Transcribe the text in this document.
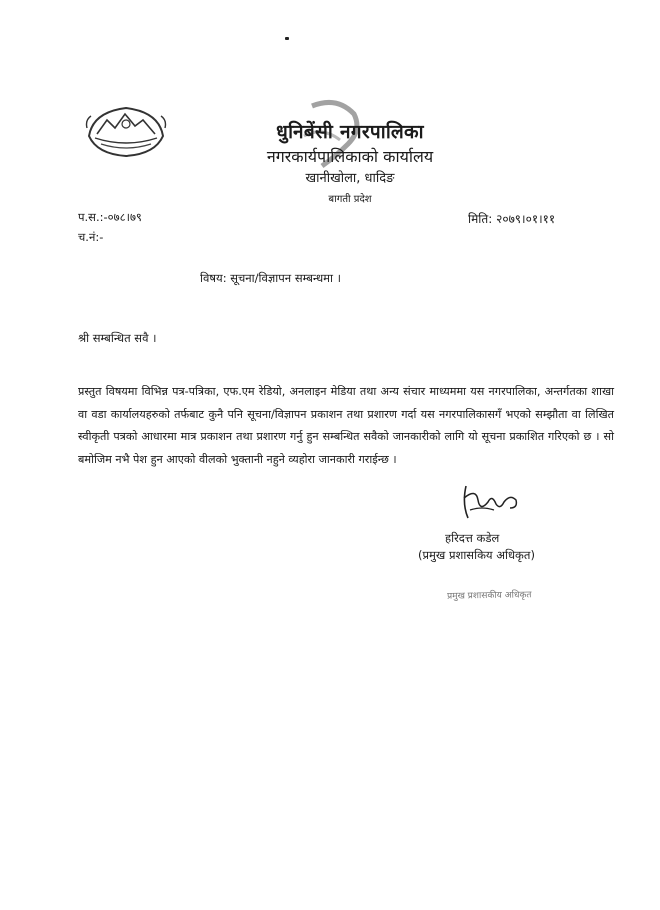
धुनिबेंसी नगरपालिका
नगरकार्यपालिकाको कार्यालय
खानीखोला, धादिङ
बागती प्रदेश
प.स.:-०७८।७९
च.नं:-
मिति: २०७९।०१।११
विषय: सूचना/विज्ञापन सम्बन्धमा ।
श्री सम्बन्धित सवै ।
प्रस्तुत विषयमा विभिन्न पत्र-पत्रिका, एफ.एम रेडियो, अनलाइन मेडिया तथा अन्य संचार माध्यममा यस नगरपालिका, अन्तर्गतका शाखा वा वडा कार्यालयहरुको तर्फबाट कुनै पनि सूचना/विज्ञापन प्रकाशन तथा प्रशारण गर्दा यस नगरपालिकासगँ भएको सम्झौता वा लिखित स्वीकृती पत्रको आधारमा मात्र प्रकाशन तथा प्रशारण गर्नु हुन सम्बन्धित सवैको जानकारीको लागि यो सूचना प्रकाशित गरिएको छ । सो बमोजिम नभै पेश हुन आएको वीलको भुक्तानी नहुने व्यहोरा जानकारी गराईन्छ ।
हरिदत्त कडेल
(प्रमुख प्रशासकिय अधिकृत)
प्रमुख प्रशासकीय अधिकृत
